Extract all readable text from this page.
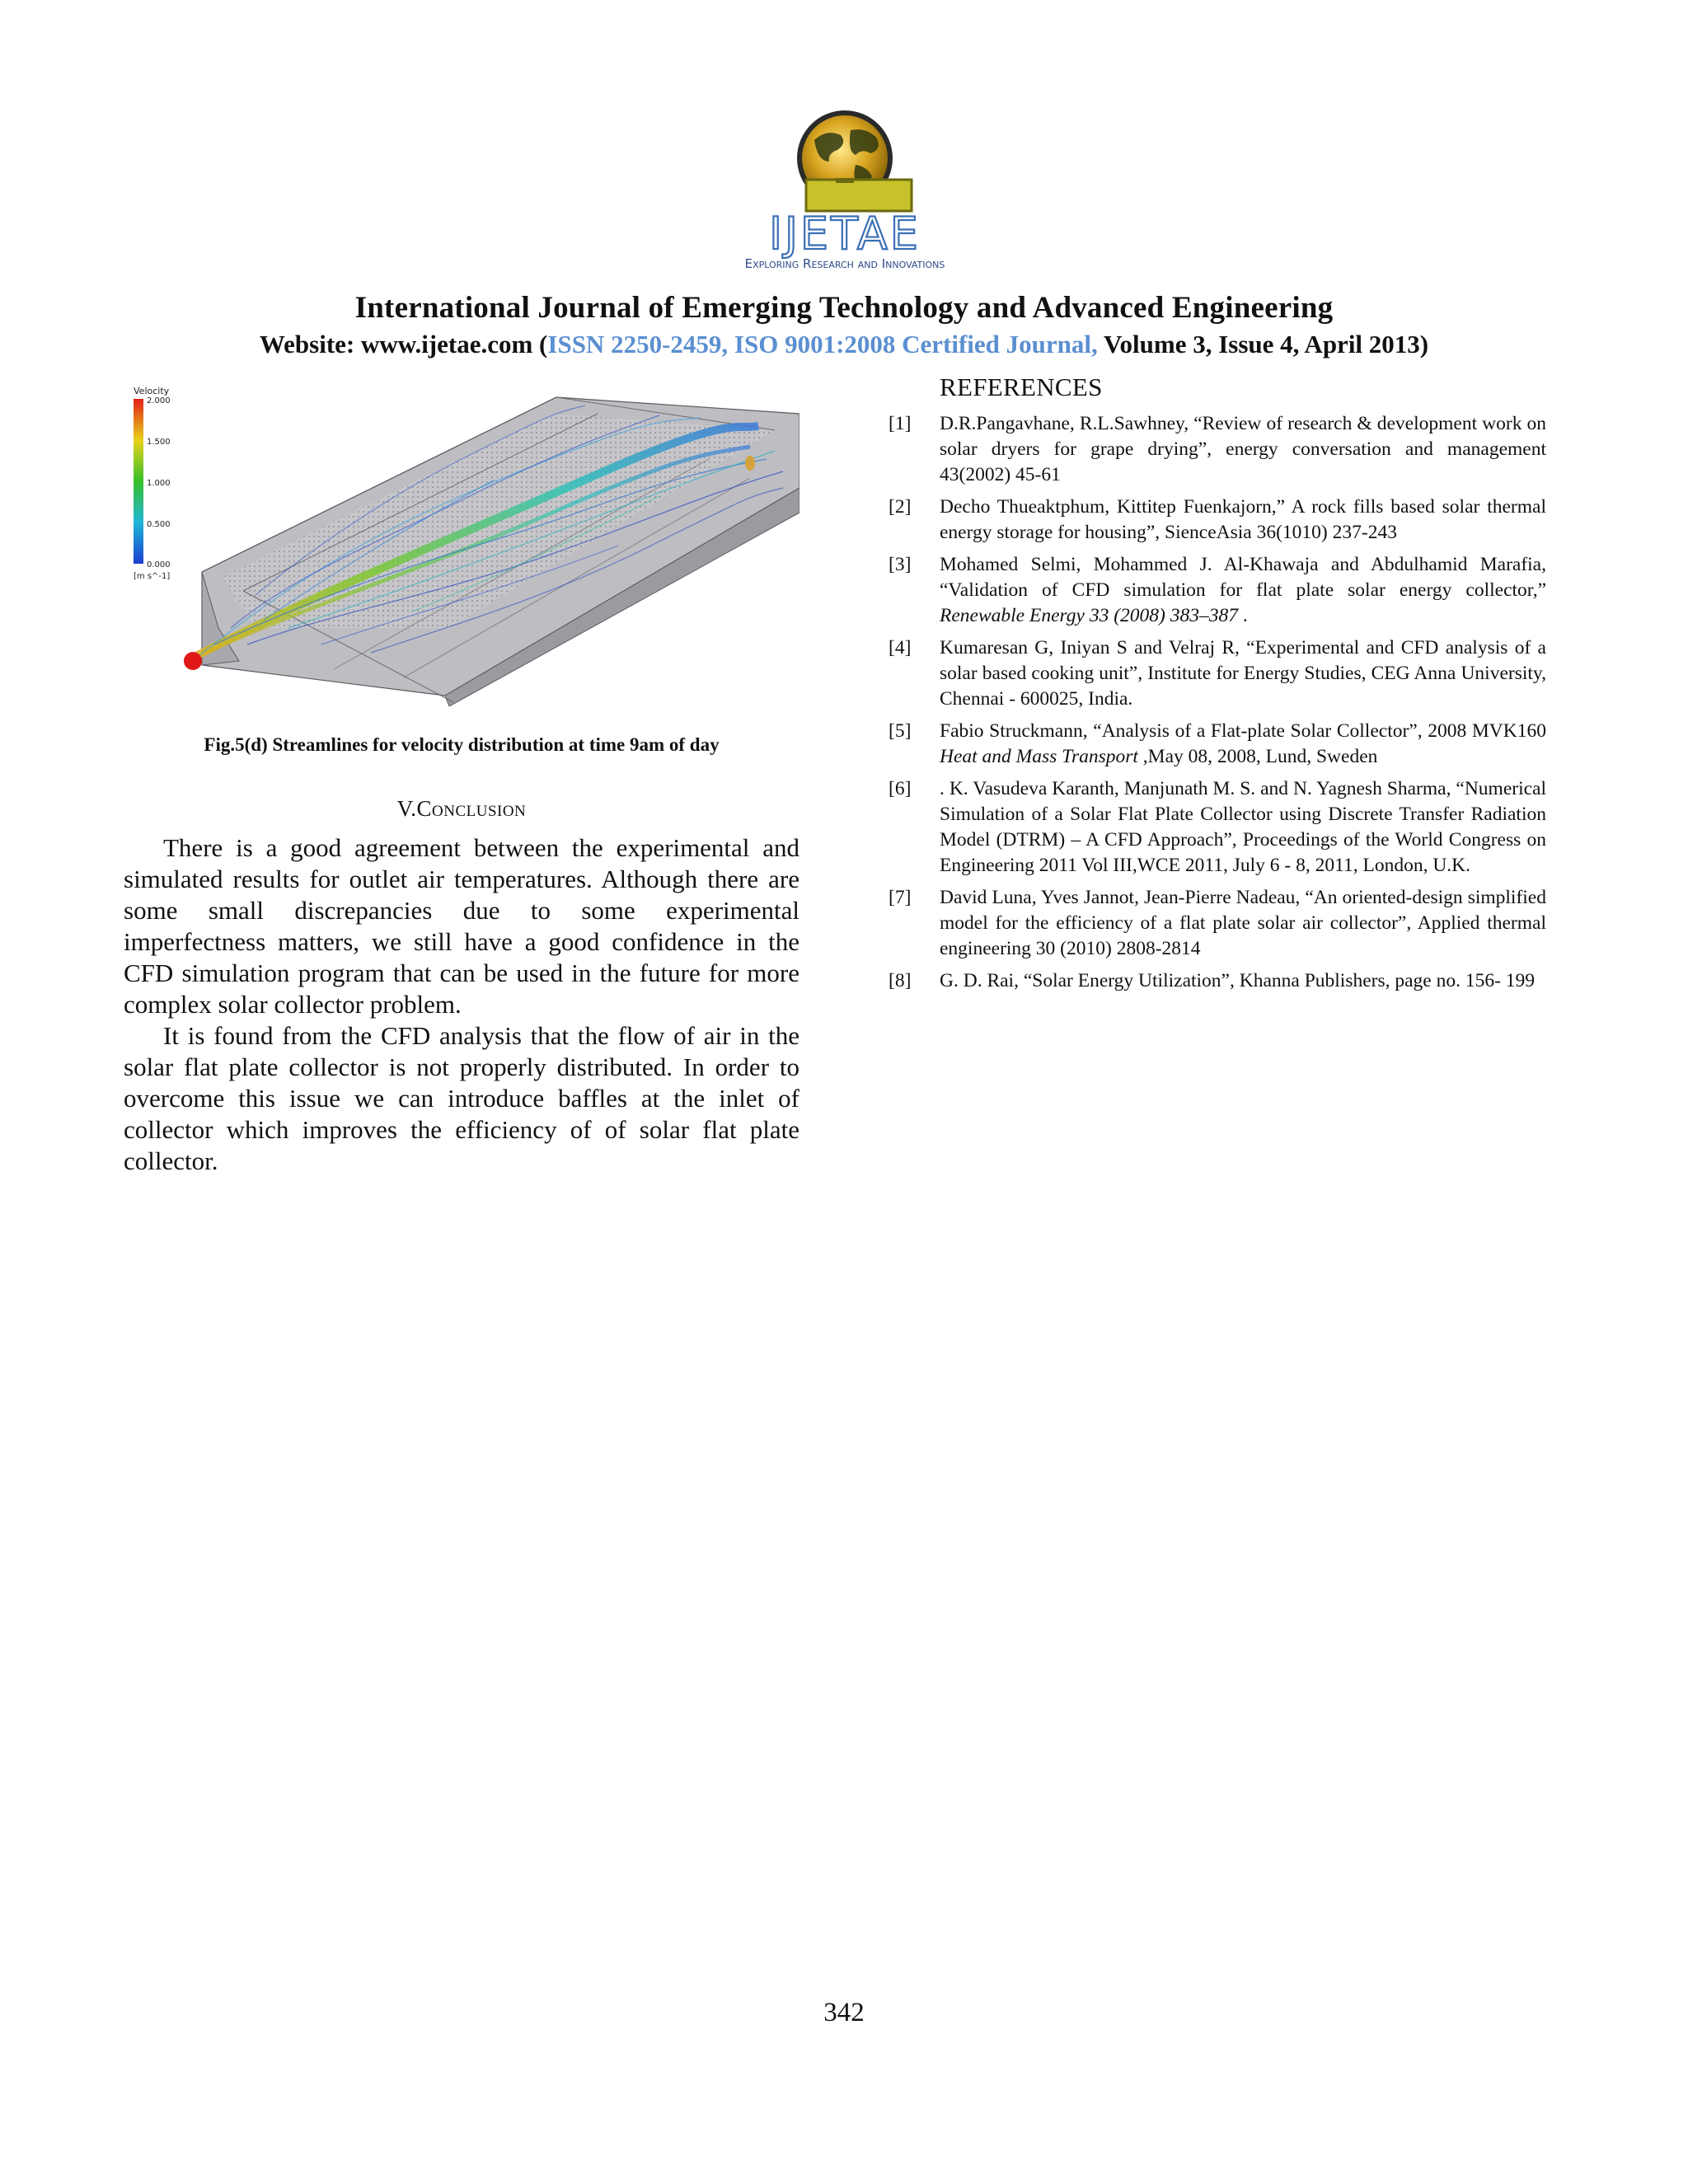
IJETAE
Exploring Research and Innovations
International Journal of Emerging Technology and Advanced Engineering
Website: www.ijetae.com (ISSN 2250-2459, ISO 9001:2008 Certified Journal, Volume 3, Issue 4, April 2013)
Velocity
2.000
1.500
1.000
0.500
0.000
[m s^-1]
Fig.5(d) Streamlines for velocity distribution at time 9am of day
V.Conclusion

There is a good agreement between the experimental and simulated results for outlet air temperatures. Although there are some small discrepancies due to some experimental imperfectness matters, we still have a good confidence in the CFD simulation program that can be used in the future for more complex solar collector problem.

It is found from the CFD analysis that the flow of air in the solar flat plate collector is not properly distributed. In order to overcome this issue we can introduce baffles at the inlet of collector which improves the efficiency of of solar flat plate collector.

REFERENCES
[1] D.R.Pangavhane, R.L.Sawhney, “Review of research & development work on solar dryers for grape drying”, energy conversation and management 43(2002) 45-61
[2] Decho Thueaktphum, Kittitep Fuenkajorn,” A rock fills based solar thermal energy storage for housing”, SienceAsia 36(1010) 237-243
[3] Mohamed Selmi, Mohammed J. Al-Khawaja and Abdulhamid Marafia, “Validation of CFD simulation for flat plate solar energy collector,” Renewable Energy 33 (2008) 383–387 .
[4] Kumaresan G, Iniyan S and Velraj R, “Experimental and CFD analysis of a solar based cooking unit”, Institute for Energy Studies, CEG Anna University, Chennai - 600025, India.
[5] Fabio Struckmann, “Analysis of a Flat-plate Solar Collector”, 2008 MVK160 Heat and Mass Transport ,May 08, 2008, Lund, Sweden
[6] . K. Vasudeva Karanth, Manjunath M. S. and N. Yagnesh Sharma, “Numerical Simulation of a Solar Flat Plate Collector using Discrete Transfer Radiation Model (DTRM) – A CFD Approach”, Proceedings of the World Congress on Engineering 2011 Vol III,WCE 2011, July 6 - 8, 2011, London, U.K.
[7] David Luna, Yves Jannot, Jean-Pierre Nadeau, “An oriented-design simplified model for the efficiency of a flat plate solar air collector”, Applied thermal engineering 30 (2010) 2808-2814
[8] G. D. Rai, “Solar Energy Utilization”, Khanna Publishers, page no. 156- 199
342
